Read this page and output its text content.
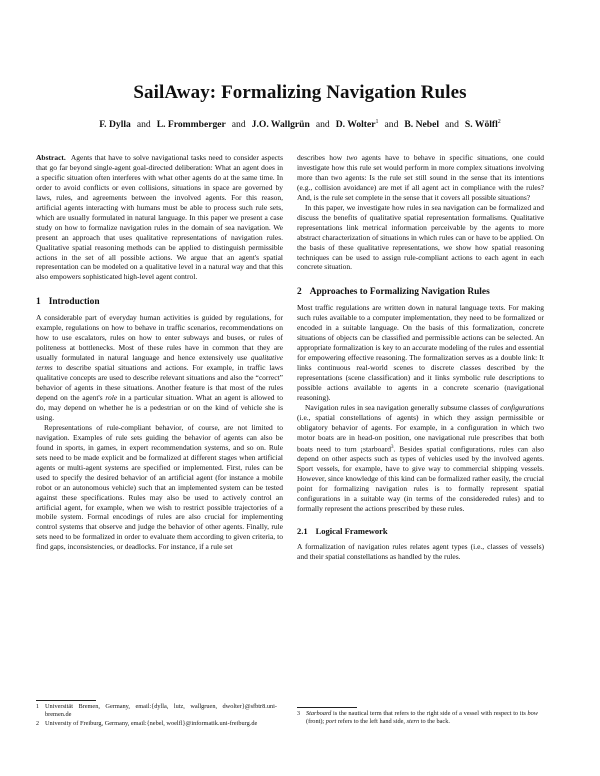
SailAway: Formalizing Navigation Rules
F. Dylla and L. Frommberger and J.O. Wallgrün and D. Wolter$^1$ and B. Nebel and S. Wölfl$^2$

Abstract. Agents that have to solve navigational tasks need to consider aspects that go far beyond single-agent goal-directed deliberation: What an agent does in a specific situation often interferes with what other agents do at the same time. In order to avoid conflicts or even collisions, situations in space are governed by laws, rules, and agreements between the involved agents. For this reason, artificial agents interacting with humans must be able to process such rule sets, which are usually formulated in natural language. In this paper we present a case study on how to formalize navigation rules in the domain of sea navigation. We present an approach that uses qualitative representations of navigation rules. Qualitative spatial reasoning methods can be applied to distinguish permissible actions in the set of all possible actions. We argue that an agent's spatial representation can be modeled on a qualitative level in a natural way and that this also empowers sophisticated high-level agent control.

1 Introduction

A considerable part of everyday human activities is guided by regulations, for example, regulations on how to behave in traffic scenarios, recommendations on how to use escalators, rules on how to enter subways and buses, or rules of politeness at bottlenecks. Most of these rules have in common that they are usually formulated in natural language and hence extensively use qualitative terms to describe spatial situations and actions. For example, in traffic laws qualitative concepts are used to describe relevant situations and also the “correct” behavior of agents in these situations. Another feature is that most of the rules depend on the agent's role in a particular situation. What an agent is allowed to do, may depend on whether he is a pedestrian or on the kind of vehicle she is using.

Representations of rule-compliant behavior, of course, are not limited to navigation. Examples of rule sets guiding the behavior of agents can also be found in sports, in games, in expert recommendation systems, and so on. Rule sets need to be made explicit and be formalized at different stages when artificial agents or multi-agent systems are specified or implemented. First, rules can be used to specify the desired behavior of an artificial agent (for instance a mobile robot or an autonomous vehicle) such that an implemented system can be tested against these specifications. Rules may also be used to actively control an artificial agent, for example, when we wish to restrict possible trajectories of a mobile system. Formal encodings of rules are also crucial for implementing control systems that observe and judge the behavior of other agents. Finally, rule sets need to be formalized in order to evaluate them according to given criteria, to find gaps, inconsistencies, or deadlocks. For instance, if a rule set

1 Universität Bremen, Germany, email:{dylla, lutz, wallgruen, dwolter}@sfbtr8.uni-bremen.de
2 University of Freiburg, Germany, email:{nebel, woelfl}@informatik.uni-freiburg.de

describes how two agents have to behave in specific situations, one could investigate how this rule set would perform in more complex situations involving more than two agents: Is the rule set still sound in the sense that its intentions (e.g., collision avoidance) are met if all agent act in compliance with the rules? And, is the rule set complete in the sense that it covers all possible situations?

In this paper, we investigate how rules in sea navigation can be formalized and discuss the benefits of qualitative spatial representation formalisms. Qualitative representations link metrical information perceivable by the agents to more abstract characterization of situations in which rules can or have to be applied. On the basis of these qualitative representations, we show how spatial reasoning techniques can be used to assign rule-compliant actions to each agent in each concrete situation.

2 Approaches to Formalizing Navigation Rules

Most traffic regulations are written down in natural language texts. For making such rules available to a computer implementation, they need to be formalized or encoded in a suitable language. On the basis of this formalization, concrete situations of objects can be classified and permissible actions can be selected. An appropriate formalization is key to an accurate modeling of the rules and essential for empowering effective reasoning. The formalization serves as a double link: It links continuous real-world scenes to discrete classes described by the representations (scene classification) and it links symbolic rule descriptions to possible actions available to agents in a concrete scenario (navigational reasoning).

Navigation rules in sea navigation generally subsume classes of configurations (i.e., spatial constellations of agents) in which they assign permissible or obligatory behavior of agents. For example, in a configuration in which two motor boats are in head-on position, one navigational rule prescribes that both boats need to turn ¡starboard$^3$. Besides spatial configurations, rules can also depend on other aspects such as types of vehicles used by the involved agents. Sport vessels, for example, have to give way to commercial shipping vessels. However, since knowledge of this kind can be formalized rather easily, the crucial point for formalizing navigation rules is to formally represent spatial configurations in a suitable way (in terms of the considereded rules) and to formally represent the actions prescribed by these rules.

2.1 Logical Framework

A formalization of navigation rules relates agent types (i.e., classes of vessels) and their spatial constellations as handled by the rules.

3 Starboard is the nautical term that refers to the right side of a vessel with respect to its bow (front); port refers to the left hand side, stern to the back.
